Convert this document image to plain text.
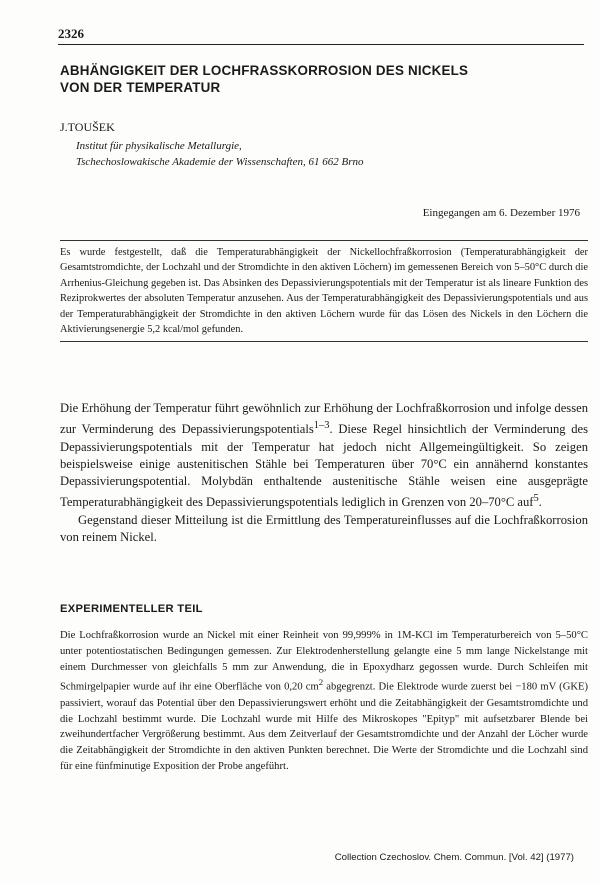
2326
ABHÄNGIGKEIT DER LOCHFRASSKORROSION DES NICKELS
VON DER TEMPERATUR
J.TOUŠEK
Institut für physikalische Metallurgie,
Tschechoslowakische Akademie der Wissenschaften, 61 662 Brno
Eingegangen am 6. Dezember 1976
Es wurde festgestellt, daß die Temperaturabhängigkeit der Nickellochfraßkorrosion (Temperaturabhängigkeit der Gesamtstromdichte, der Lochzahl und der Stromdichte in den aktiven Löchern) im gemessenen Bereich von 5–50°C durch die Arrhenius-Gleichung gegeben ist. Das Absinken des Depassivierungspotentials mit der Temperatur ist als lineare Funktion des Reziprokwertes der absoluten Temperatur anzusehen. Aus der Temperaturabhängigkeit des Depassivierungspotentials und aus der Temperaturabhängigkeit der Stromdichte in den aktiven Löchern wurde für das Lösen des Nickels in den Löchern die Aktivierungsenergie 5,2 kcal/mol gefunden.

Die Erhöhung der Temperatur führt gewöhnlich zur Erhöhung der Lochfraßkorrosion und infolge dessen zur Verminderung des Depassivierungspotentials$^{1-3}$. Diese Regel hinsichtlich der Verminderung des Depassivierungspotentials mit der Temperatur hat jedoch nicht Allgemeingültigkeit. So zeigen beispielsweise einige austenitischen Stähle bei Temperaturen über 70°C ein annähernd konstantes Depassivierungspotential. Molybdän enthaltende austenitische Stähle weisen eine ausgeprägte Temperaturabhängigkeit des Depassivierungspotentials lediglich in Grenzen von 20–70°C auf$^5$.

Gegenstand dieser Mitteilung ist die Ermittlung des Temperatureinflusses auf die Lochfraßkorrosion von reinem Nickel.

EXPERIMENTELLER TEIL
Die Lochfraßkorrosion wurde an Nickel mit einer Reinheit von 99,999% in 1M-KCl im Temperaturbereich von 5–50°C unter potentiostatischen Bedingungen gemessen. Zur Elektrodenherstellung gelangte eine 5 mm lange Nickelstange mit einem Durchmesser von gleichfalls 5 mm zur Anwendung, die in Epoxydharz gegossen wurde. Durch Schleifen mit Schmirgelpapier wurde auf ihr eine Oberfläche von 0,20 $cm^2$ abgegrenzt. Die Elektrode wurde zuerst bei −180 mV (GKE) passiviert, worauf das Potential über den Depassivierungswert erhöht und die Zeitabhängigkeit der Gesamtstromdichte und die Lochzahl bestimmt wurde. Die Lochzahl wurde mit Hilfe des Mikroskopes "Epityp" mit aufsetzbarer Blende bei zweihundertfacher Vergrößerung bestimmt. Aus dem Zeitverlauf der Gesamtstromdichte und der Anzahl der Löcher wurde die Zeitabhängigkeit der Stromdichte in den aktiven Punkten berechnet. Die Werte der Stromdichte und die Lochzahl sind für eine fünfminutige Exposition der Probe angeführt.
Collection Czechoslov. Chem. Commun. [Vol. 42] (1977)
